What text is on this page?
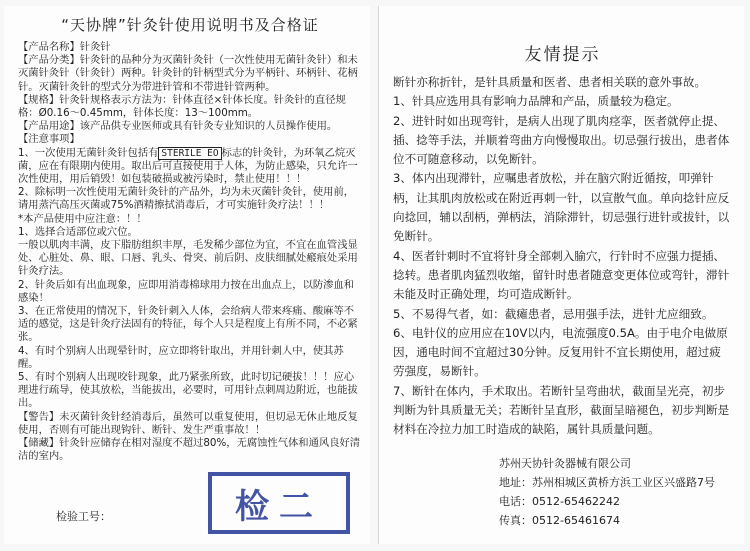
“天协牌”针灸针使用说明书及合格证

【产品名称】针灸针

【产品分类】针灸针的品种分为灭菌针灸针（一次性使用无菌针灸针）和未灭菌针灸针（针灸针）两种。针灸针的针柄型式分为平柄针、环柄针、花柄针。灭菌针灸针的型式分为带进针管和不带进针管两种。

【规格】针灸针规格表示方法为：针体直径×针体长度。针灸针的直径规格：Ø0.16～0.45mm，针体长度：13～100mm。

【产品用途】该产品供专业医师或具有针灸专业知识的人员操作使用。

【注意事项】

1、一次使用无菌针灸针包括有 STERILE EO 标志的针灸针，为环氧乙烷灭菌，应在有限期内使用。取出后可直接使用于人体，为防止感染，只允许一次性使用，用后销毁！如包装破损或被污染时，禁止使用！！！

2、除标明一次性使用无菌针灸针的产品外，均为未灭菌针灸针，使用前，请用蒸汽高压灭菌或75%酒精擦拭消毒后，才可实施针灸疗法！！！

*本产品使用中应注意：！！

1、选择合适部位或穴位。

一般以肌肉丰满，皮下脂肪组织丰厚，毛发稀少部位为宜，不宜在血管浅显处、心脏处、鼻、眼、口唇、乳头、骨突、前后阴、皮肤细腻处瘢痕处采用针灸疗法。

2、针灸后如有出血现象，应即用消毒棉球用力按在出血点上，以防渗血和感染！

3、在正常使用的情况下，针灸针刺入人体，会给病人带来疼痛、酸麻等不适的感觉，这是针灸疗法固有的特征，每个人只是程度上有所不同，不必紧张。

4、有时个别病人出现晕针时，应立即将针取出，并用针刺人中，使其苏醒。

5、有时个别病人出现咬针现象，此乃紧张所致，此时切记硬拔！！！应心理进行疏导，使其放松，当能拔出，必要时，可用针点刺周边附近，也能拔出。

【警告】未灭菌针灸针经消毒后，虽然可以重复使用，但切忌无休止地反复使用，否则有可能出现钩针、断针、发生严重事故！！

【储藏】针灸针应储存在相对湿度不超过80%，无腐蚀性气体和通风良好清洁的室内。

检验工号：	检二
友情提示

断针亦称折针，是针具质量和医者、患者相关联的意外事故。

1、针具应选用具有影响力品牌和产品，质量较为稳定。

2、进针时如出现弯针，是病人出现了肌肉痉挛，医者就停止提、插、捻等手法，并顺着弯曲方向慢慢取出。切忌强行拔出，患者体位不可随意移动，以免断针。

3、体内出现滞针，应嘱患者放松，并在脑穴附近循按，叩弹针柄，让其肌肉放松或在附近再刺一针，以宣散气血。单向捻针应反向捻回，辅以刮柄，弹柄法，消除滞针，切忌强行进针或拔针，以免断针。

4、医者针刺时不宜将针身全部刺入腧穴，行针时不应强力提插、捻转。患者肌肉猛烈收缩，留针时患者随意变更体位或弯针，滞针未能及时正确处理，均可造成断针。

5、不易得气者，如：截瘫患者，忌用强手法，进针尤应细致。

6、电针仪的应用应在10V以内，电流强度0.5A。由于电介电做原因，通电时间不宜超过30分钟。反复用针不宜长期使用，超过疲劳强度，易断针。

7、断针在体内，手术取出。若断针呈弯曲状，截面呈光亮，初步判断为针具质量无关；若断针呈直形，截面呈暗褪色，初步判断是材料在冷拉力加工时造成的缺陷，属针具质量问题。

苏州天协针灸器械有限公司
地址：苏州相城区黄桥方浜工业区兴盛路7号
电话：0512-65462242
传真：0512-65461674
